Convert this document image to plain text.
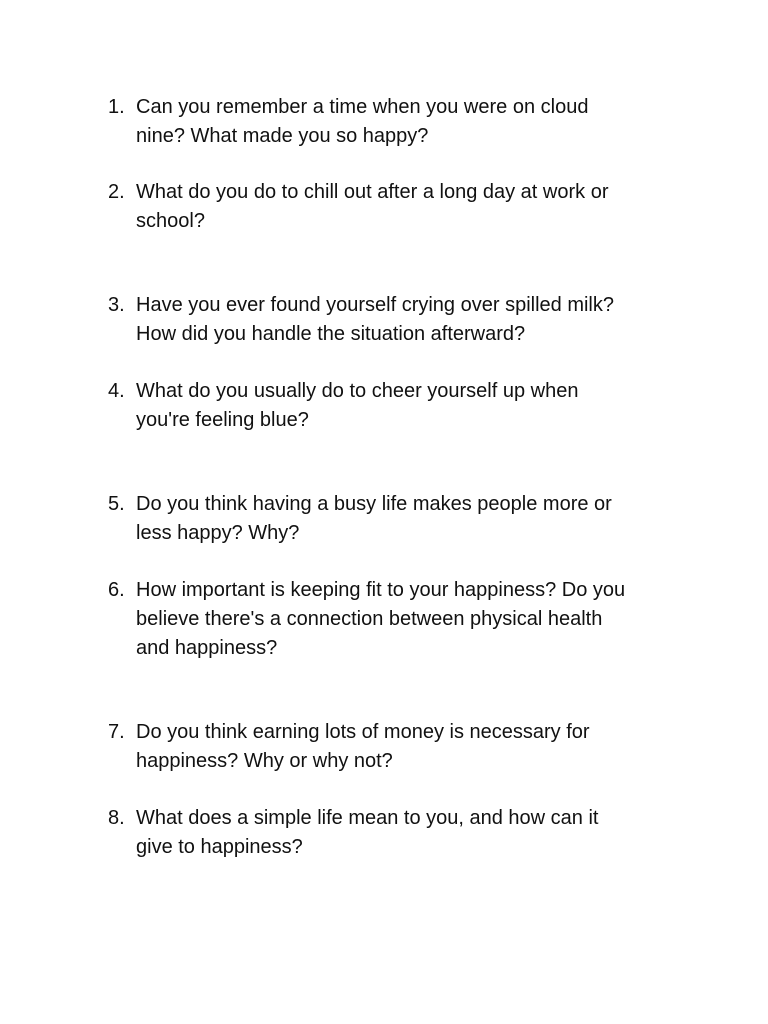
1. Can you remember a time when you were on cloud
nine? What made you so happy?
2. What do you do to chill out after a long day at work or
school?
3. Have you ever found yourself crying over spilled milk?
How did you handle the situation afterward?
4. What do you usually do to cheer yourself up when
you're feeling blue?
5. Do you think having a busy life makes people more or
less happy? Why?
6. How important is keeping fit to your happiness? Do you
believe there's a connection between physical health
and happiness?
7. Do you think earning lots of money is necessary for
happiness? Why or why not?
8. What does a simple life mean to you, and how can it
give to happiness?
